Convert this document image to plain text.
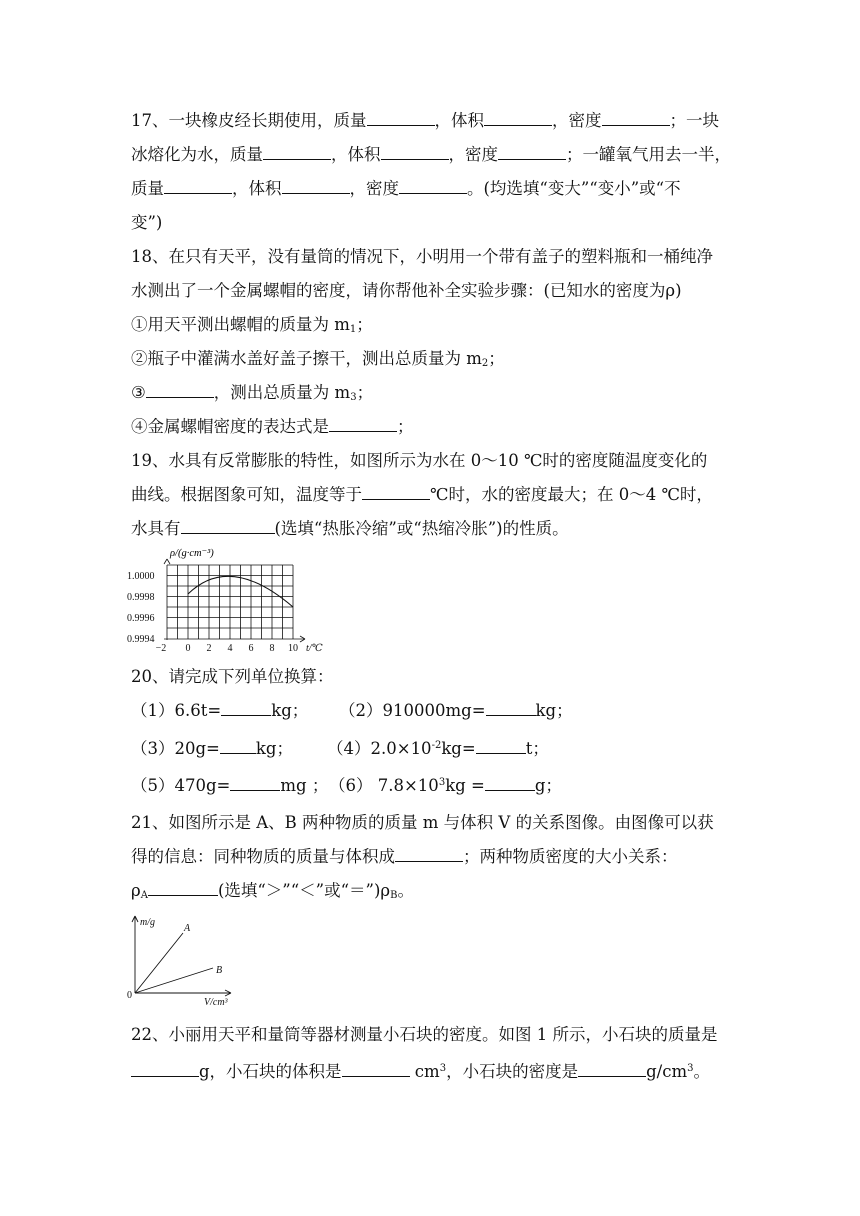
17、一块橡皮经长期使用，质量	，体积	，密度	；一块
冰熔化为水，质量	，体积	，密度	；一罐氧气用去一半，
质量	，体积	，密度	。(均选填“变大”“变小”或“不
变”)
18、在只有天平，没有量筒的情况下，小明用一个带有盖子的塑料瓶和一桶纯净
水测出了一个金属螺帽的密度，请你帮他补全实验步骤：(已知水的密度为ρ)
①用天平测出螺帽的质量为 $m_1$；
②瓶子中灌满水盖好盖子擦干，测出总质量为 $m_2$；
③	，测出总质量为 $m_3$；
④金属螺帽密度的表达式是	；
19、水具有反常膨胀的特性，如图所示为水在 0～10 ℃时的密度随温度变化的
曲线。根据图象可知，温度等于	℃时，水的密度最大；在 0～4 ℃时，
水具有	(选填“热胀冷缩”或“热缩冷胀”)的性质。
ρ/(g·cm⁻³)
1.0000
0.9998
0.9996
0.9994
−2 0 2 4 6 8 10 t/℃
20、请完成下列单位换算：
（1）6.6t=	kg； （2）910000mg=	kg；
（3）20g= kg； $(4)2.0\times 10^{-2}kg=$	t；
（5）470g=	mg ；（6） $7.8\times 10^3kg$ =	g；
21、如图所示是 A、B 两种物质的质量 m 与体积 V 的关系图像。由图像可以获
得的信息：同种物质的质量与体积成	；两种物质密度的大小关系：
$\rho_A$	(选填“＞”“＜”或“$=”)\rho_B$。
m/g
A
B
V/cm³
0
22、小丽用天平和量筒等器材测量小石块的密度。如图 1 所示，小石块的质量是
g，小石块的体积是	$cm^3$，小石块的密度是	$g/cm^3$。
